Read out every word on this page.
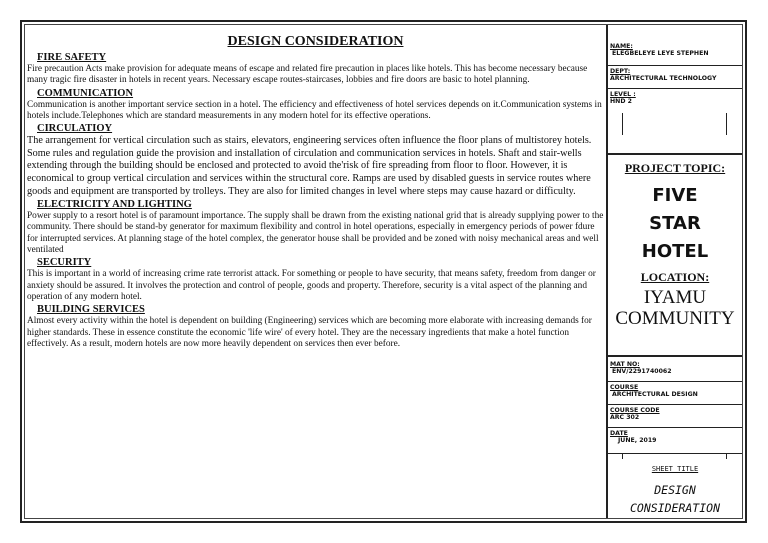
DESIGN CONSIDERATION
FIRE SAFETY
Fire precaution Acts make provision for adequate means of escape and related fire precaution in places like hotels. This has become necessary because many tragic fire disaster in hotels in recent years. Necessary escape routes-staircases, lobbies and fire doors are basic to hotel planning.
COMMUNICATION
Communication is another important service section in a hotel. The efficiency and effectiveness of hotel services depends on it.Communication systems in hotels include.Telephones which are standard measurements in any modern hotel for its effective operations.
CIRCULATIOY
The arrangement for vertical circulation such as stairs, elevators, engineering services often influence the floor plans of multistorey hotels. Some rules and regulation guide the provision and installation of circulation and communication services in hotels. Shaft and stair-wells extending through the building should be enclosed and protected to avoid the'risk of fire spreading from floor to floor. However, it is economical to group vertical circulation and services within the structural core. Ramps are used by disabled guests in service routes where goods and equipment are transported by trolleys. They are also for limited changes in level where steps may cause hazard or difficulty.
ELECTRICITY AND LIGHTING
Power supply to a resort hotel is of paramount importance. The supply shall be drawn from the existing national grid that is already supplying power to the community. There should be stand-by generator for maximum flexibility and control in hotel operations, especially in emergency periods of power fdure for interrupted services. At planning stage of the hotel complex, the generator house shall be provided and be zoned with noisy mechanical areas and well ventilated
SECURITY
This is important in a world of increasing crime rate terrorist attack. For something or people to have security, that means safety, freedom from danger or anxiety should be assured. It involves the protection and control of people, goods and property. Therefore, security is a vital aspect of the planning and operation of any modern hotel.
BUILDING SERVICES
Almost every activity within the hotel is dependent on building (Engineering) services which are becoming more elaborate with increasing demands for higher standards. These in essence constitute the economic 'life wire' of every hotel. They are the necessary ingredients that make a hotel function effectively. As a result, modern hotels are now more heavily dependent on services then ever before.
NAME:
ELEGBELEYE LEYE STEPHEN
DEPT:
ARCHITECTURAL TECHNOLOGY
LEVEL :
HND 2
PROJECT TOPIC:
FIVE
STAR
HOTEL
LOCATION:
IYAMU
COMMUNITY
MAT NO:
ENV/2291740062
COURSE
ARCHITECTURAL DESIGN
COURSE CODE
ARC 302
DATE
JUNE, 2019
SHEET TITLE
DESIGN
CONSIDERATION
